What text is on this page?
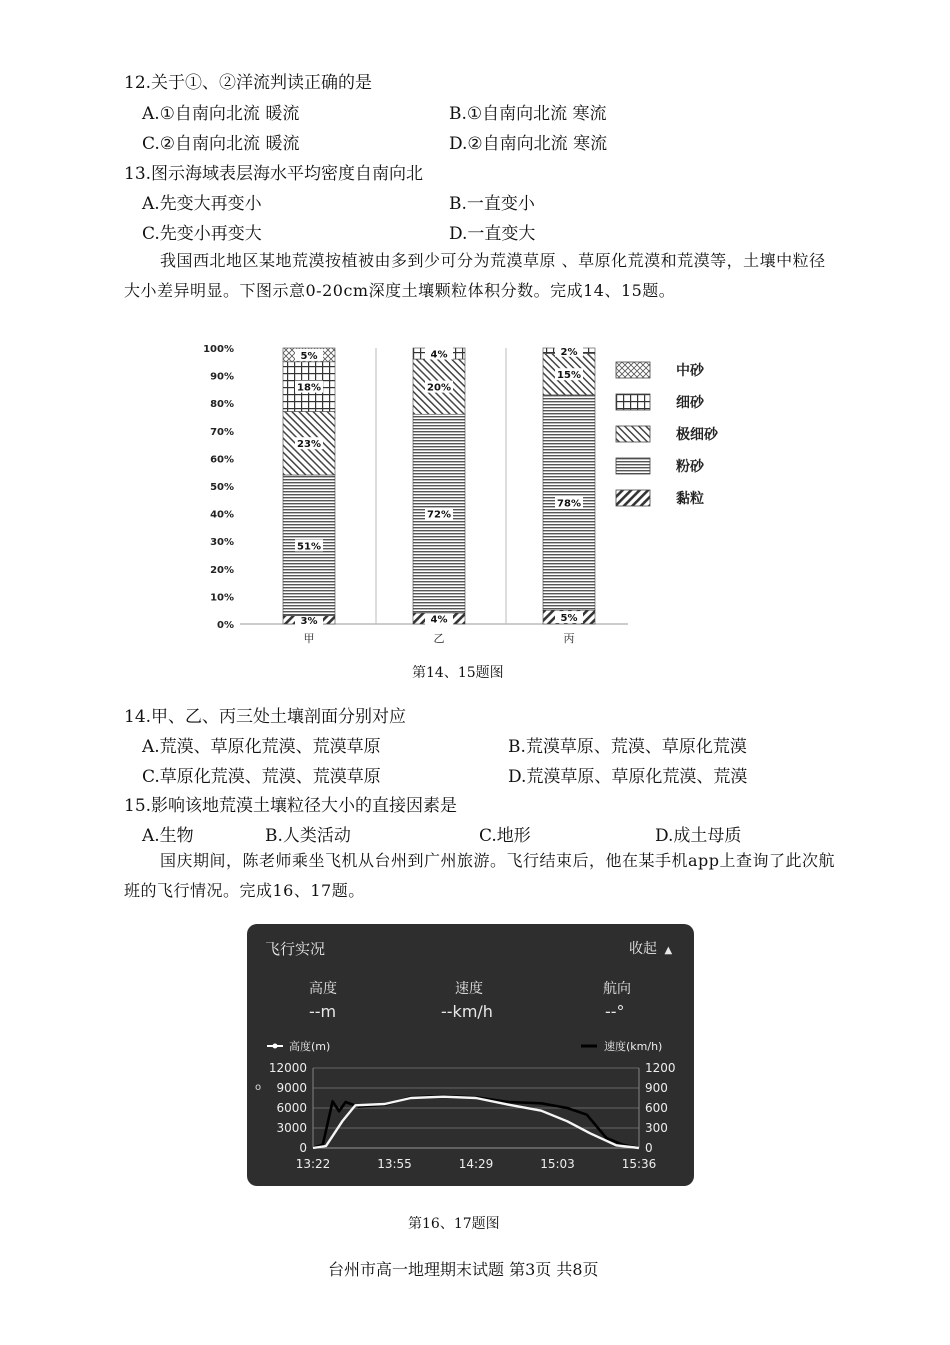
12.关于①、②洋流判读正确的是
A.①自南向北流 暖流	B.①自南向北流 寒流
C.②自南向北流 暖流	D.②自南向北流 寒流
13.图示海域表层海水平均密度自南向北
A.先变大再变小	B.一直变小
C.先变小再变大	D.一直变大
我国西北地区某地荒漠按植被由多到少可分为荒漠草原 、草原化荒漠和荒漠等，土壤中粒径大小差异明显。下图示意0-20cm深度土壤颗粒体积分数。完成14、15题。
0%
10%
20%
30%
40%
50%
60%
70%
80%
90%
100%
甲	乙	丙
3%
51%
23%
18%
5%
4%
72%
20%
4%
5%
78%
15%
2%
中砂
细砂
极细砂
粉砂
黏粒
第14、15题图
14.甲、乙、丙三处土壤剖面分别对应
A.荒漠、草原化荒漠、荒漠草原	B.荒漠草原、荒漠、草原化荒漠
C.草原化荒漠、荒漠、荒漠草原	D.荒漠草原、草原化荒漠、荒漠
15.影响该地荒漠土壤粒径大小的直接因素是
A.生物	B.人类活动	C.地形	D.成土母质
国庆期间，陈老师乘坐飞机从台州到广州旅游。飞行结束后，他在某手机app上查询了此次航班的飞行情况。完成16、17题。
飞行实况	收起 ▲
高度
--m
速度
--km/h
航向
--°
高度(m)	速度(km/h)
o
0	0
3000	300
6000	600
9000	900
12000	1200
13:22	13:55	14:29	15:03	15:36
第16、17题图
台州市高一地理期末试题 第3页 共8页
